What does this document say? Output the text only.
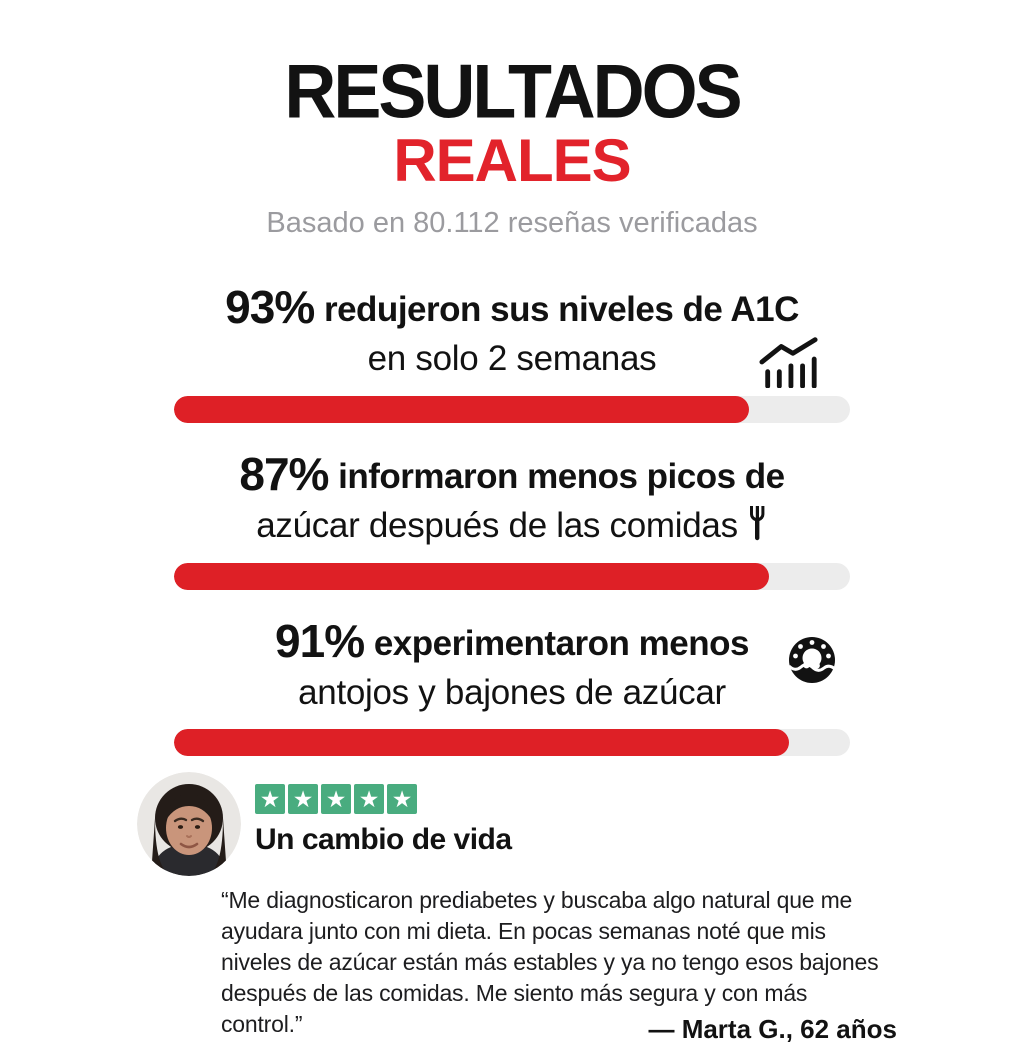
RESULTADOS
REALES

Basado en 80.112 reseñas verificadas

93% redujeron sus niveles de A1C
en solo 2 semanas
87% informaron menos picos de
azúcar después de las comidas
91% experimentaron menos
antojos y bajones de azúcar
★ ★ ★ ★ ★
Un cambio de vida
“Me diagnosticaron prediabetes y buscaba algo natural que me
ayudara junto con mi dieta. En pocas semanas noté que mis
niveles de azúcar están más estables y ya no tengo esos bajones
después de las comidas. Me siento más segura y con más
control.”	— Marta G., 62 años
